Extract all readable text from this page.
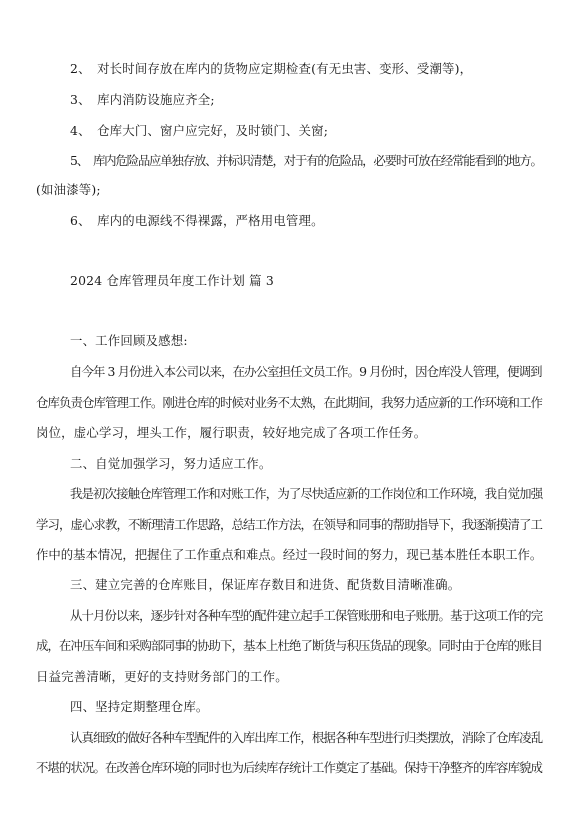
2、　对长时间存放在库内的货物应定期检查(有无虫害、变形、受潮等)，
3、　库内消防设施应齐全;
4、　仓库大门、窗户应完好，及时锁门、关窗;
5、　库内危险品应单独存放、并标识清楚，对于有的危险品，必要时可放在经常能看到的地方。
(如油漆等);
6、　库内的电源线不得裸露，严格用电管理。
2024 仓库管理员年度工作计划 篇 3
一、工作回顾及感想:
自今年 3 月份进入本公司以来，在办公室担任文员工作。9 月份时，因仓库没人管理，便调到
仓库负责仓库管理工作。刚进仓库的时候对业务不太熟，在此期间，我努力适应新的工作环境和工作
岗位，虚心学习，埋头工作，履行职责，较好地完成了各项工作任务。
二、自觉加强学习，努力适应工作。
我是初次接触仓库管理工作和对账工作，为了尽快适应新的工作岗位和工作环境，我自觉加强
学习，虚心求教，不断理清工作思路，总结工作方法，在领导和同事的帮助指导下，我逐渐摸清了工
作中的基本情况，把握住了工作重点和难点。经过一段时间的努力，现已基本胜任本职工作。
三、建立完善的仓库账目，保证库存数目和进货、配货数目清晰准确。
从十月份以来，逐步针对各种车型的配件建立起手工保管账册和电子账册。基于这项工作的完
成，在冲压车间和采购部同事的协助下，基本上杜绝了断货与积压货品的现象。同时由于仓库的账目
日益完善清晰，更好的支持财务部门的工作。
四、坚持定期整理仓库。
认真细致的做好各种车型配件的入库出库工作，根据各种车型进行归类摆放，消除了仓库凌乱
不堪的状况。在改善仓库环境的同时也为后续库存统计工作奠定了基础。保持干净整齐的库容库貌成
